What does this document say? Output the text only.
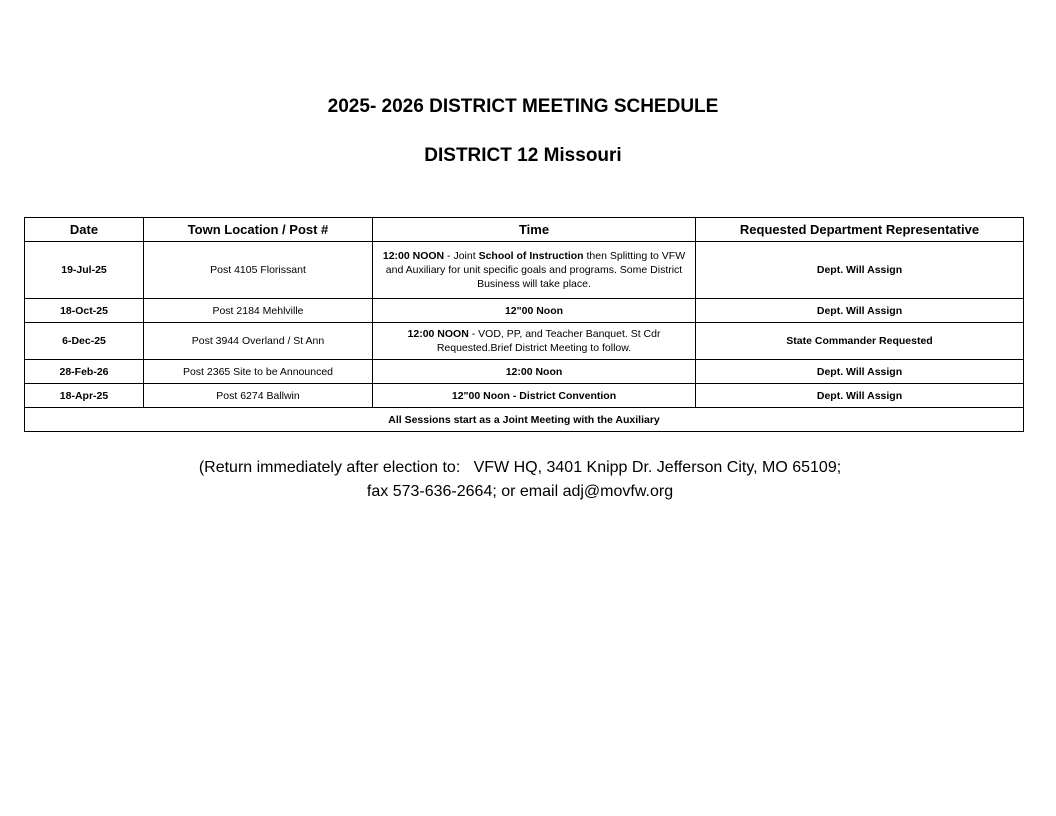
2025- 2026 DISTRICT MEETING SCHEDULE
DISTRICT 12 Missouri
Date	Town Location / Post #	Time	Requested Department Representative
19-Jul-25	Post 4105 Florissant	12:00 NOON - Joint School of Instruction then Splitting to VFW and Auxiliary for unit specific goals and programs. Some District Business will take place.	Dept. Will Assign
18-Oct-25	Post 2184 Mehlville	12"00 Noon	Dept. Will Assign
6-Dec-25	Post 3944 Overland / St Ann	12:00 NOON - VOD, PP, and Teacher Banquet. St Cdr Requested.Brief District Meeting to follow.	State Commander Requested
28-Feb-26	Post 2365 Site to be Announced	12:00 Noon	Dept. Will Assign
18-Apr-25	Post 6274 Ballwin	12"00 Noon - District Convention	Dept. Will Assign
All Sessions start as a Joint Meeting with the Auxiliary			
(Return immediately after election to:   VFW HQ, 3401 Knipp Dr. Jefferson City, MO 65109;
fax 573-636-2664; or email adj@movfw.org
